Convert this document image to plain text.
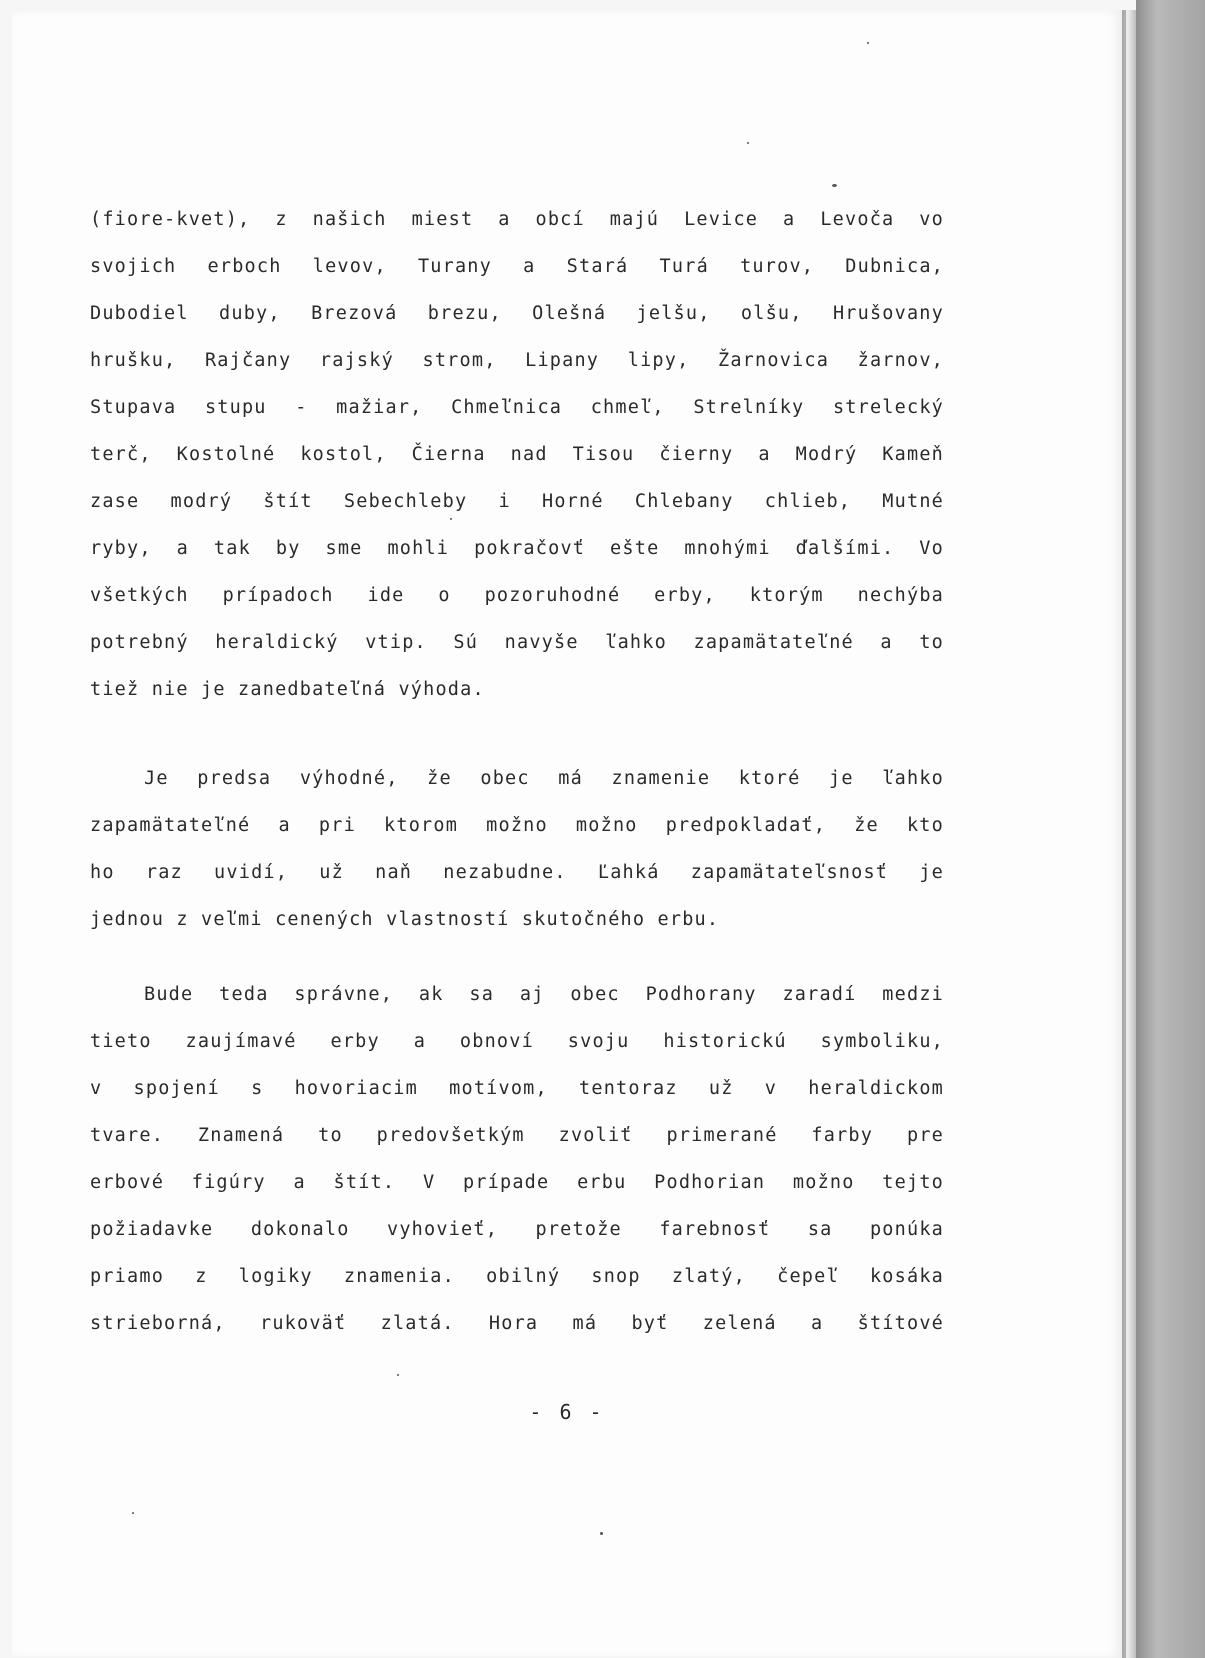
(fiore-kvet), z našich miest a obcí majú Levice a Levoča vo
svojich erboch levov, Turany a Stará Turá turov, Dubnica,
Dubodiel duby, Brezová brezu, Olešná jelšu, olšu, Hrušovany
hrušku, Rajčany rajský strom, Lipany lipy, Žarnovica žarnov,
Stupava stupu - mažiar, Chmeľnica chmeľ, Strelníky strelecký
terč, Kostolné kostol, Čierna nad Tisou čierny a Modrý Kameň
zase modrý štít Sebechleby i Horné Chlebany chlieb, Mutné
ryby, a tak by sme mohli pokračovť ešte mnohými ďalšími. Vo
všetkých prípadoch ide o pozoruhodné erby, ktorým nechýba
potrebný heraldický vtip. Sú navyše ľahko zapamätateľné a to
tiež nie je zanedbateľná výhoda.
Je predsa výhodné, že obec má znamenie ktoré je ľahko
zapamätateľné a pri ktorom možno možno predpokladať, že kto
ho raz uvidí, už naň nezabudne. Ľahká zapamätateľsnosť je
jednou z veľmi cenených vlastností skutočného erbu.
Bude teda správne, ak sa aj obec Podhorany zaradí medzi
tieto zaujímavé erby a obnoví svoju historickú symboliku,
v spojení s hovoriacim motívom, tentoraz už v heraldickom
tvare. Znamená to predovšetkým zvoliť primerané farby pre
erbové figúry a štít. V prípade erbu Podhorian možno tejto
požiadavke dokonalo vyhovieť, pretože farebnosť sa ponúka
priamo z logiky znamenia. obilný snop zlatý, čepeľ kosáka
strieborná, rukoväť zlatá. Hora má byť zelená a štítové
- 6 -
